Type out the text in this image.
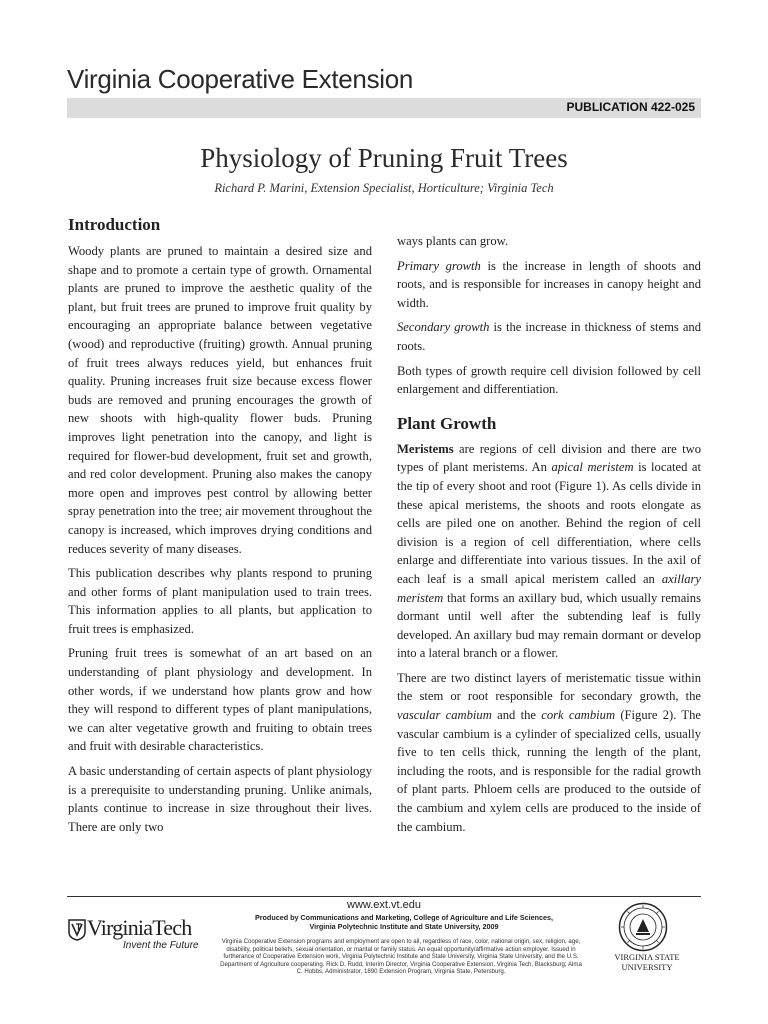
Virginia Cooperative Extension
PUBLICATION 422-025
Physiology of Pruning Fruit Trees
Richard P. Marini, Extension Specialist, Horticulture; Virginia Tech
Introduction

Woody plants are pruned to maintain a desired size and shape and to promote a certain type of growth. Ornamental plants are pruned to improve the aesthetic quality of the plant, but fruit trees are pruned to improve fruit quality by encouraging an appropriate balance between vegetative (wood) and reproductive (fruiting) growth. Annual pruning of fruit trees always reduces yield, but enhances fruit quality. Pruning increases fruit size because excess flower buds are removed and pruning encourages the growth of new shoots with high-quality flower buds. Pruning improves light penetration into the canopy, and light is required for flower-bud development, fruit set and growth, and red color development. Pruning also makes the canopy more open and improves pest control by allowing better spray penetration into the tree; air movement throughout the canopy is increased, which improves drying conditions and reduces severity of many diseases.

This publication describes why plants respond to pruning and other forms of plant manipulation used to train trees. This information applies to all plants, but application to fruit trees is emphasized.

Pruning fruit trees is somewhat of an art based on an understanding of plant physiology and development. In other words, if we understand how plants grow and how they will respond to different types of plant manipulations, we can alter vegetative growth and fruiting to obtain trees and fruit with desirable characteristics.

A basic understanding of certain aspects of plant physiology is a prerequisite to understanding pruning. Unlike animals, plants continue to increase in size throughout their lives. There are only two

ways plants can grow.

Primary growth is the increase in length of shoots and roots, and is responsible for increases in canopy height and width.

Secondary growth is the increase in thickness of stems and roots.

Both types of growth require cell division followed by cell enlargement and differentiation.

Plant Growth

Meristems are regions of cell division and there are two types of plant meristems. An apical meristem is located at the tip of every shoot and root (Figure 1). As cells divide in these apical meristems, the shoots and roots elongate as cells are piled one on another. Behind the region of cell division is a region of cell differentiation, where cells enlarge and differentiate into various tissues. In the axil of each leaf is a small apical meristem called an axillary meristem that forms an axillary bud, which usually remains dormant until well after the subtending leaf is fully developed. An axillary bud may remain dormant or develop into a lateral branch or a flower.

There are two distinct layers of meristematic tissue within the stem or root responsible for secondary growth, the vascular cambium and the cork cambium (Figure 2). The vascular cambium is a cylinder of specialized cells, usually five to ten cells thick, running the length of the plant, including the roots, and is responsible for the radial growth of plant parts. Phloem cells are produced to the outside of the cambium and xylem cells are produced to the inside of the cambium.

www.ext.vt.edu
Produced by Communications and Marketing, College of Agriculture and Life Sciences,
Virginia Polytechnic Institute and State University, 2009
Virginia Cooperative Extension programs and employment are open to all, regardless of race, color, national origin, sex, religion, age, disability, political beliefs, sexual orientation, or marital or family status. An equal opportunity/affirmative action employer. Issued in furtherance of Cooperative Extension work, Virginia Polytechnic Institute and State University, Virginia State University, and the U.S. Department of Agriculture cooperating. Rick D. Rudd, Interim Director, Virginia Cooperative Extension, Virginia Tech, Blacksburg; Alma C. Hobbs, Administrator, 1890 Extension Program, Virginia State, Petersburg.
VirginiaTech
Invent the Future
VIRGINIA STATE UNIVERSITY
